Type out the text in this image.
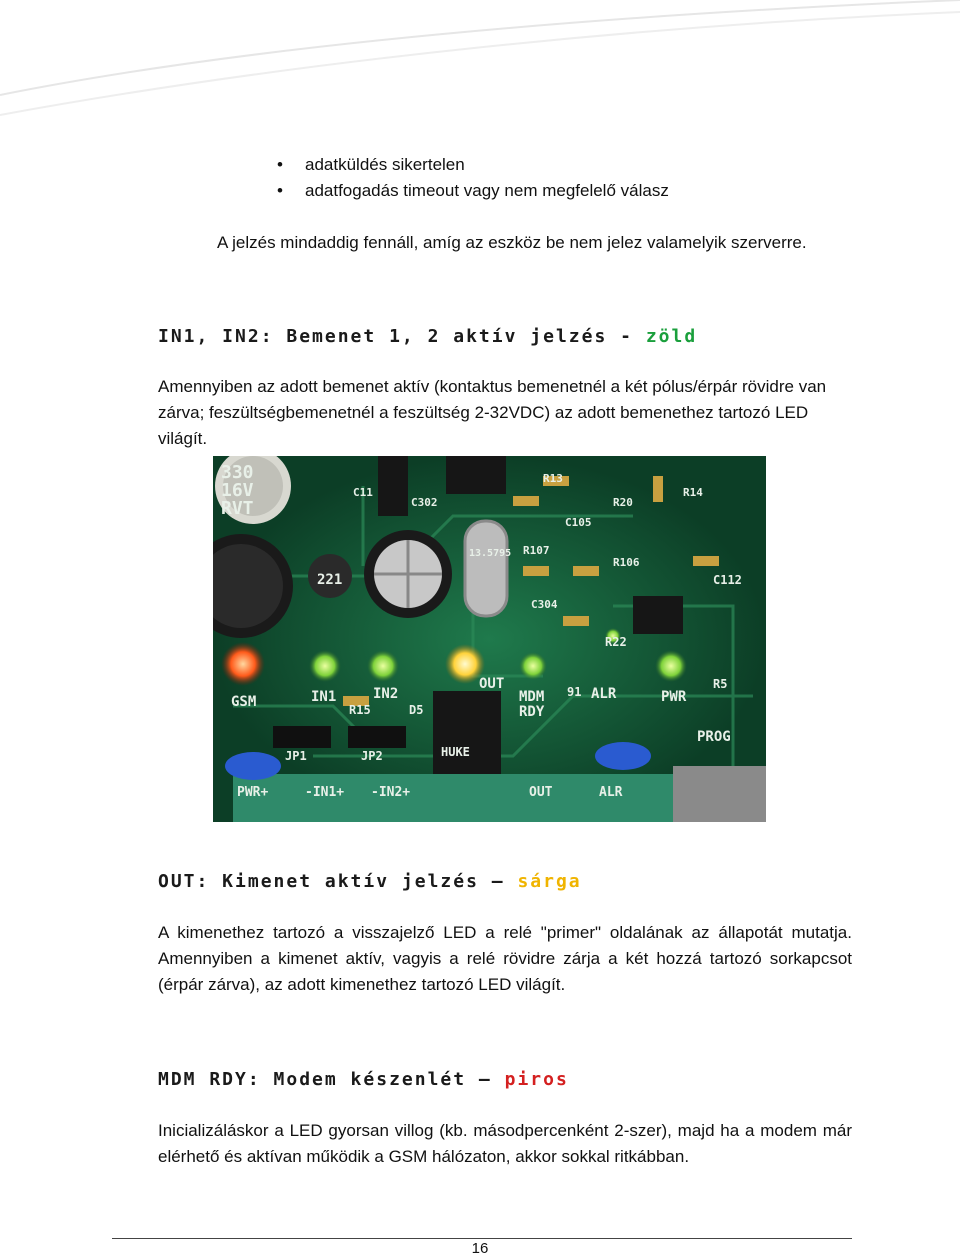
• adatküldés sikertelen
• adatfogadás timeout vagy nem megfelelő válasz
A jelzés mindaddig fennáll, amíg az eszköz be nem jelez valamelyik szerverre.
IN1, IN2: Bemenet 1, 2 aktív jelzés - zöld
Amennyiben az adott bemenet aktív (kontaktus bemenetnél a két pólus/érpár rövidre van zárva; feszültségbemenetnél a feszültség 2-32VDC) az adott bemenethez tartozó LED világít.
330
16V
RVT
221
GSM	IN1	IN2
OUT
MDM
RDY
ALR	PWR
PROG
JP1	JP2
R15	D5
R22
R5
C112
C105
C302
C11
R13
R20
R107
R106
R14
C304
91
HUKE
13.5795
PWR+	-IN1+ -IN2+	OUT	ALR
OUT: Kimenet aktív jelzés – sárga
A kimenethez tartozó a visszajelző LED a relé "primer" oldalának az állapotát mutatja. Amennyiben a kimenet aktív, vagyis a relé rövidre zárja a két hozzá tartozó sorkapcsot (érpár zárva), az adott kimenethez tartozó LED világít.
MDM RDY: Modem készenlét – piros
Inicializáláskor a LED gyorsan villog (kb. másodpercenként 2-szer), majd ha a modem már elérhető és aktívan működik a GSM hálózaton, akkor sokkal ritkábban.
16
